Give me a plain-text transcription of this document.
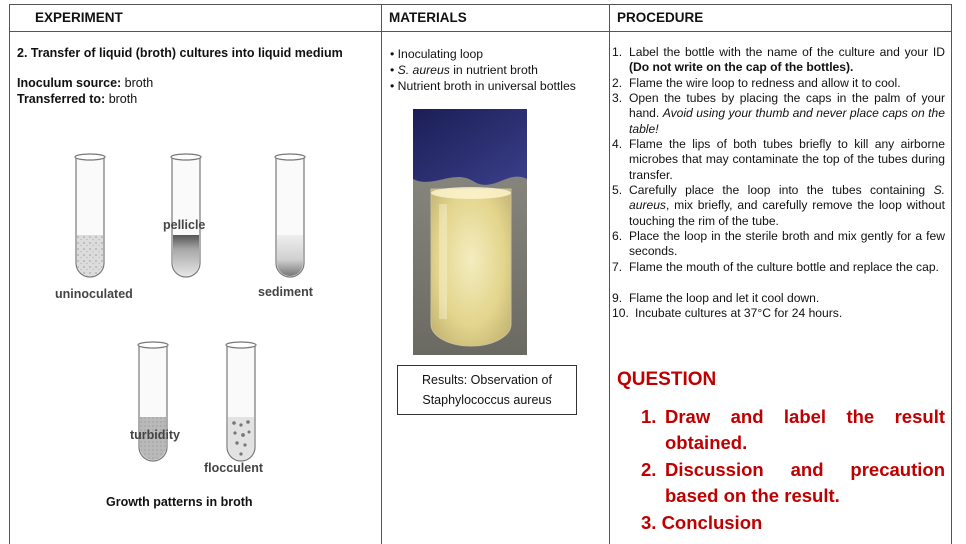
EXPERIMENT	MATERIALS	PROCEDURE
2. Transfer of liquid (broth) cultures into liquid medium
Inoculum source: broth
Transferred to: broth
pellicle
uninoculated	sediment
turbidity
flocculent
Growth patterns in broth
• Inoculating loop
• S. aureus in nutrient broth
• Nutrient broth in universal bottles
Results: Observation of
Staphylococcus aureus
1. Label the bottle with the name of the culture and your ID (Do not write on the cap of the bottles).
2. Flame the wire loop to redness and allow it to cool.
3. Open the tubes by placing the caps in the palm of your hand. Avoid using your thumb and never place caps on the table!
4. Flame the lips of both tubes briefly to kill any airborne microbes that may contaminate the top of the tubes during transfer.
5. Carefully place the loop into the tubes containing S. aureus, mix briefly, and carefully remove the loop without touching the rim of the tube.
6. Place the loop in the sterile broth and mix gently for a few seconds.
7. Flame the mouth of the culture bottle and replace the cap.
9. Flame the loop and let it cool down.
10. Incubate cultures at 37°C for 24 hours.
QUESTION
1. Draw and label the result
obtained.
2. Discussion and precaution
based on the result.
3. Conclusion
